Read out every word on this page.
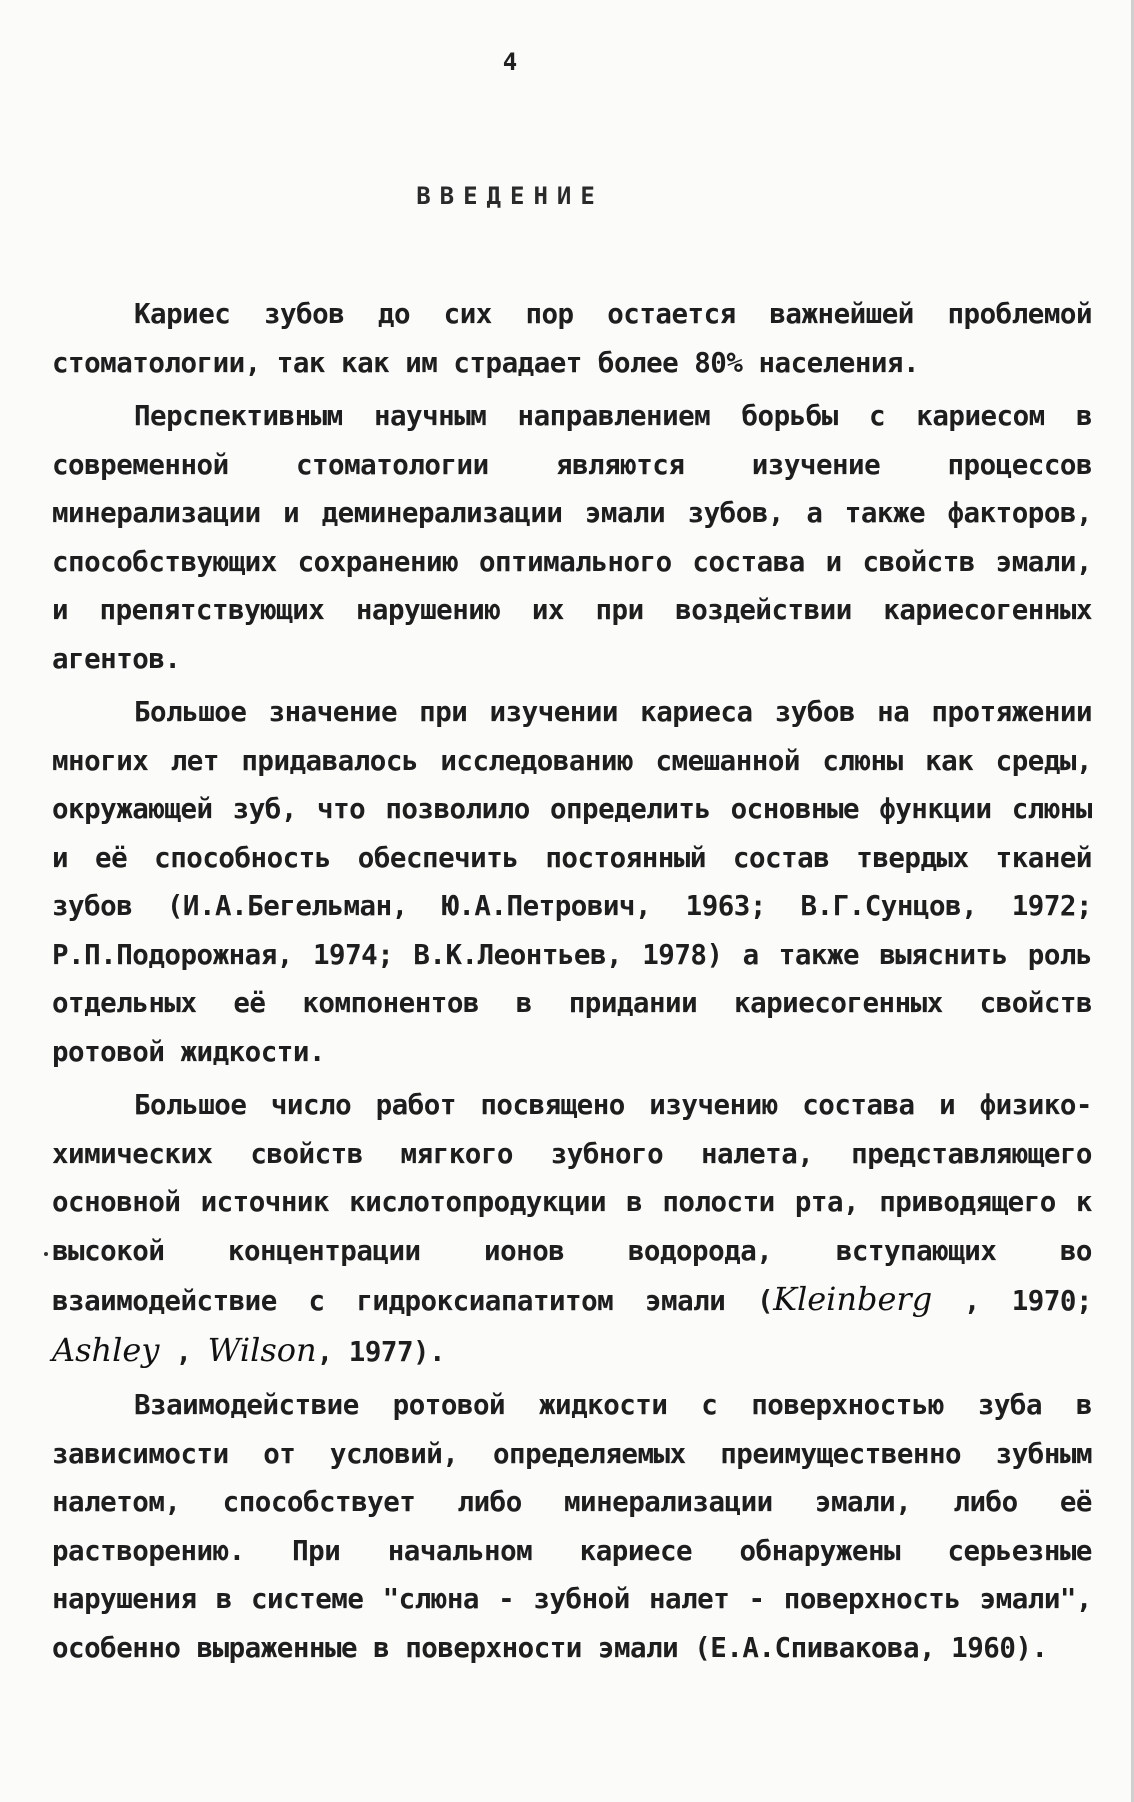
4
ВВЕДЕНИЕ

Кариес зубов до сих пор остается важнейшей проблемой стоматологии, так как им страдает более 80% населения.

Перспективным научным направлением борьбы с кариесом в современной стоматологии являются изучение процессов минерализации и деминерализации эмали зубов, а также факторов, способствующих сохранению оптимального состава и свойств эмали, и препятствующих нарушению их при воздействии кариесогенных агентов.

Большое значение при изучении кариеса зубов на протяжении многих лет придавалось исследованию смешанной слюны как среды, окружающей зуб, что позволило определить основные функции слюны и её способность обеспечить постоянный состав твердых тканей зубов (И.А.Бегельман, Ю.А.Петрович, 1963; В.Г.Сунцов, 1972; Р.П.Подорожная, 1974; В.К.Леонтьев, 1978) а также выяснить роль отдельных её компонентов в придании кариесогенных свойств ротовой жидкости.

Большое число работ посвящено изучению состава и физико-химических свойств мягкого зубного налета, представляющего основной источник кислотопродукции в полости рта, приводящего к высокой концентрации ионов водорода, вступающих во взаимодействие с гидроксиапатитом эмали (Kleinberg , 1970; Ashley , Wilson, 1977).

Взаимодействие ротовой жидкости с поверхностью зуба в зависимости от условий, определяемых преимущественно зубным налетом, способствует либо минерализации эмали, либо её растворению. При начальном кариесе обнаружены серьезные нарушения в системе "слюна - зубной налет - поверхность эмали", особенно выраженные в поверхности эмали (Е.А.Спивакова, 1960).
